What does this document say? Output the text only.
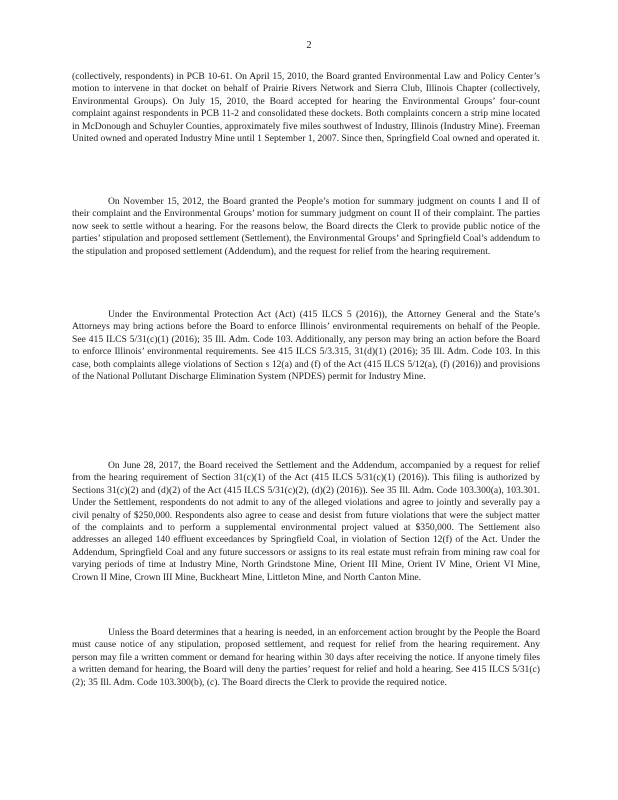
2

(collectively, respondents) in PCB 10-61. On April 15, 2010, the Board granted Environmental Law and Policy Center’s motion to intervene in that docket on behalf of Prairie Rivers Network and Sierra Club, Illinois Chapter (collectively, Environmental Groups). On July 15, 2010, the Board accepted for hearing the Environmental Groups’ four-count complaint against respondents in PCB 11-2 and consolidated these dockets. Both complaints concern a strip mine located in McDonough and Schuyler Counties, approximately five miles southwest of Industry, Illinois (Industry Mine). Freeman United owned and operated Industry Mine until 1 September 1, 2007. Since then, Springfield Coal owned and operated it.

On November 15, 2012, the Board granted the People’s motion for summary judgment on counts I and II of their complaint and the Environmental Groups’ motion for summary judgment on count II of their complaint. The parties now seek to settle without a hearing. For the reasons below, the Board directs the Clerk to provide public notice of the parties’ stipulation and proposed settlement (Settlement), the Environmental Groups’ and Springfield Coal’s addendum to the stipulation and proposed settlement (Addendum), and the request for relief from the hearing requirement.

Under the Environmental Protection Act (Act) (415 ILCS 5 (2016)), the Attorney General and the State’s Attorneys may bring actions before the Board to enforce Illinois’ environmental requirements on behalf of the People. See 415 ILCS 5/31(c)(1) (2016); 35 Ill. Adm. Code 103. Additionally, any person may bring an action before the Board to enforce Illinois’ environmental requirements. See 415 ILCS 5/3.315, 31(d)(1) (2016); 35 Ill. Adm. Code 103. In this case, both complaints allege violations of Section s 12(a) and (f) of the Act (415 ILCS 5/12(a), (f) (2016)) and provisions of the National Pollutant Discharge Elimination System (NPDES) permit for Industry Mine.

On June 28, 2017, the Board received the Settlement and the Addendum, accompanied by a request for relief from the hearing requirement of Section 31(c)(1) of the Act (415 ILCS 5/31(c)(1) (2016)). This filing is authorized by Sections 31(c)(2) and (d)(2) of the Act (415 ILCS 5/31(c)(2), (d)(2) (2016)). See 35 Ill. Adm. Code 103.300(a), 103.301. Under the Settlement, respondents do not admit to any of the alleged violations and agree to jointly and severally pay a civil penalty of $250,000. Respondents also agree to cease and desist from future violations that were the subject matter of the complaints and to perform a supplemental environmental project valued at $350,000. The Settlement also addresses an alleged 140 effluent exceedances by Springfield Coal, in violation of Section 12(f) of the Act. Under the Addendum, Springfield Coal and any future successors or assigns to its real estate must refrain from mining raw coal for varying periods of time at Industry Mine, North Grindstone Mine, Orient III Mine, Orient IV Mine, Orient VI Mine, Crown II Mine, Crown III Mine, Buckheart Mine, Littleton Mine, and North Canton Mine.

Unless the Board determines that a hearing is needed, in an enforcement action brought by the People the Board must cause notice of any stipulation, proposed settlement, and request for relief from the hearing requirement. Any person may file a written comment or demand for hearing within 30 days after receiving the notice. If anyone timely files a written demand for hearing, the Board will deny the parties’ request for relief and hold a hearing. See 415 ILCS 5/31(c)(2); 35 Ill. Adm. Code 103.300(b), (c). The Board directs the Clerk to provide the required notice.
